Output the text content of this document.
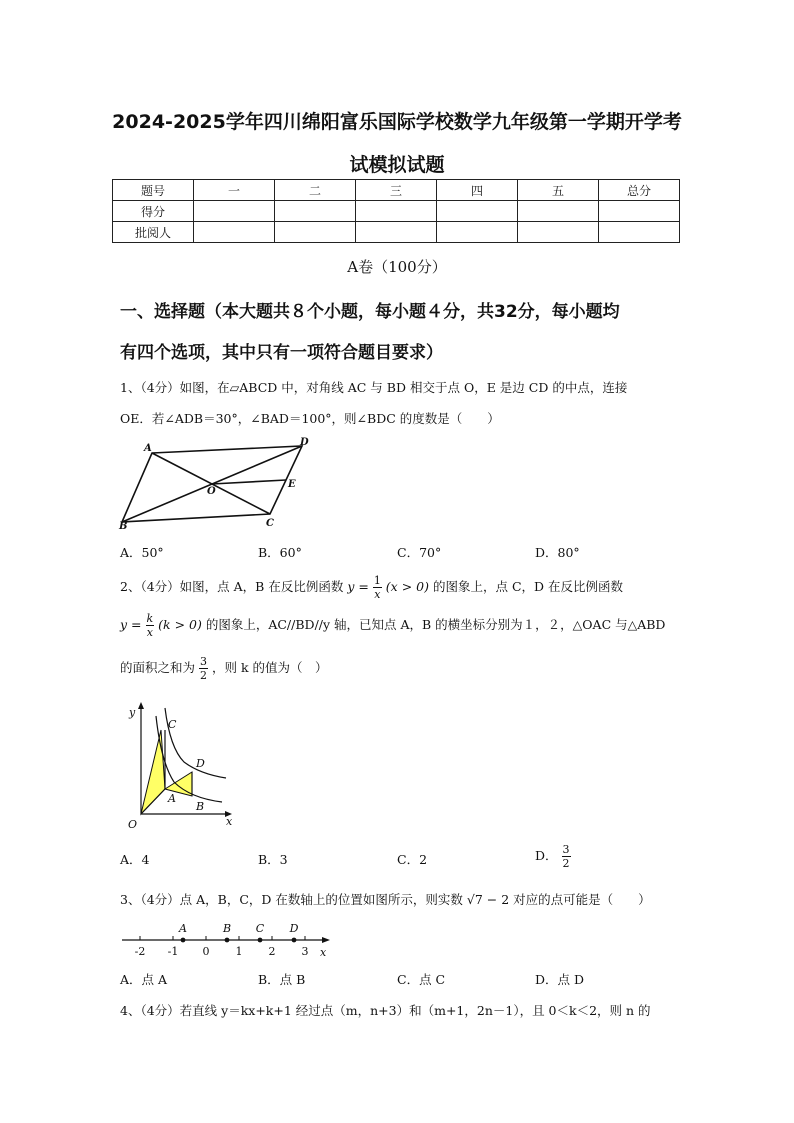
2024-2025学年四川绵阳富乐国际学校数学九年级第一学期开学考
试模拟试题
题号	一	二	三	四	五	总分
得分						
批阅人						
A卷（100分）
一、选择题（本大题共８个小题，每小题４分，共32分，每小题均
有四个选项，其中只有一项符合题目要求）
1、（4分）如图，在▱ABCD 中，对角线 AC 与 BD 相交于点 O，E 是边 CD 的中点，连接
OE．若∠ADB＝30°，∠BAD＝100°，则∠BDC 的度数是（　　）
A
D
O
E
B	C
A．50°	B．60°	C．70°	D．80°
2、（4分）如图，点 A，B 在反比例函数 $y = \frac{1}{x} (x > 0)$ 的图象上，点 C，D 在反比例函数
$y = \frac{k}{x} (k > 0)$ 的图象上，AC//BD//y 轴，已知点 A，B 的横坐标分别为１，２，△OAC 与△ABD
的面积之和为 $\frac{3}{2}$ ，则 k 的值为（　）
y
x
O
C
D
A
B
A．4	B．3	C．2	D． $\frac{3}{2}$
3、（4分）点 A，B，C，D 在数轴上的位置如图所示，则实数 √7 − 2 对应的点可能是（　　）
-2 -1 0 1 2 3
A	B C D
x
A．点 A	B．点 B	C．点 C	D．点 D
4、（4分）若直线 y＝kx+k+1 经过点（m，n+3）和（m+1，2n－1），且 0＜k＜2，则 n 的
